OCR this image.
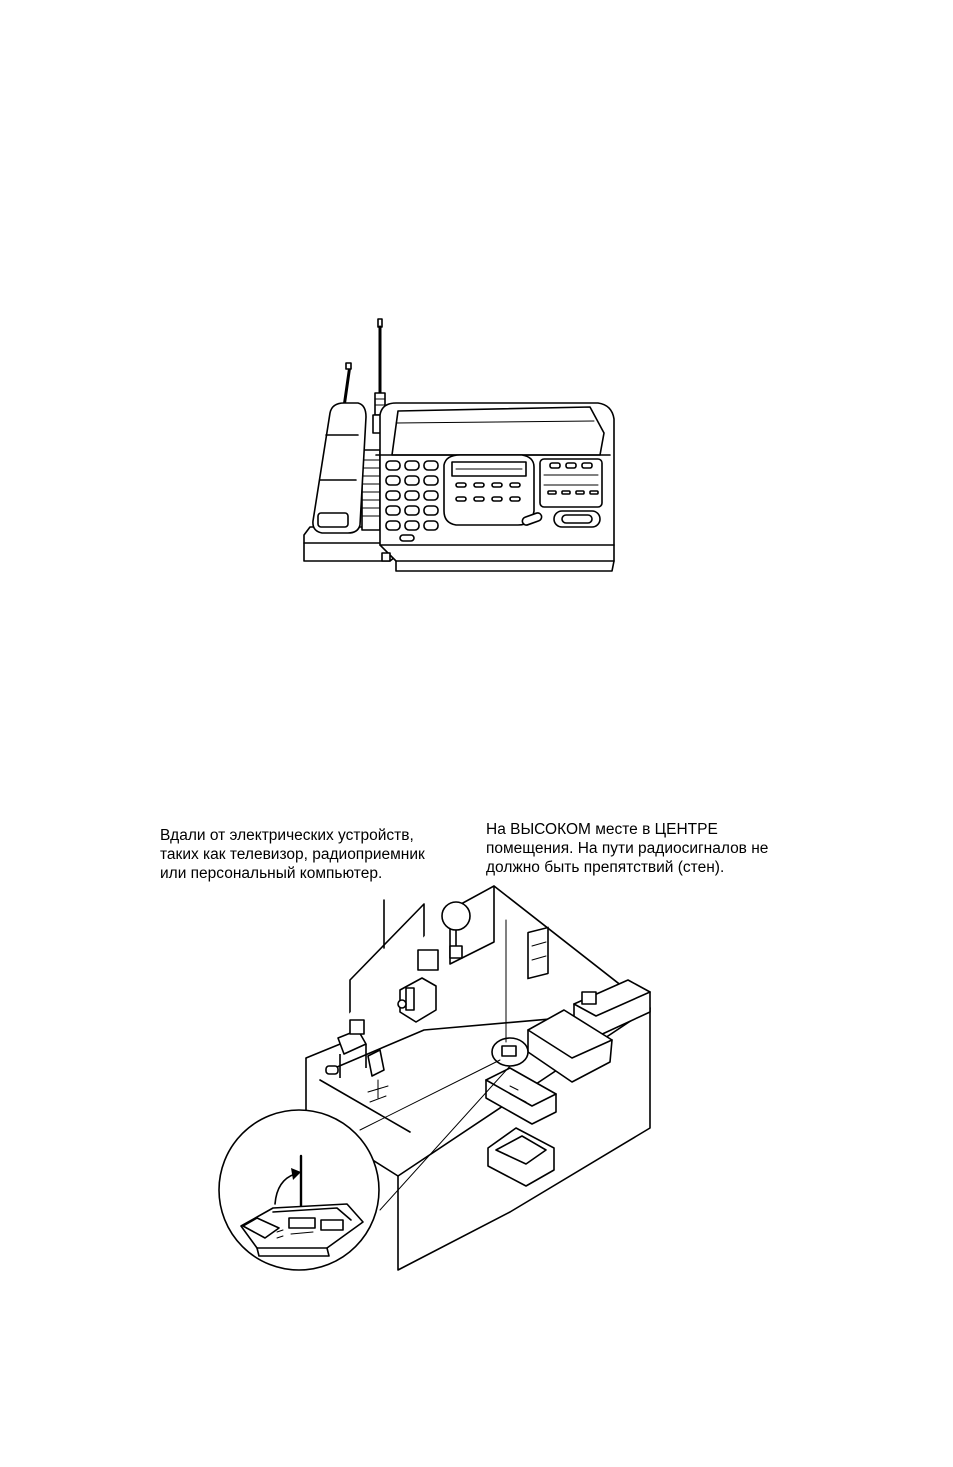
Вдали от электрических устройств,
таких как телевизор, радиоприемник
или персональный компьютер.
На ВЫСОКОМ месте в ЦЕНТРЕ
помещения. На пути радиосигналов не
должно быть препятствий (стен).
